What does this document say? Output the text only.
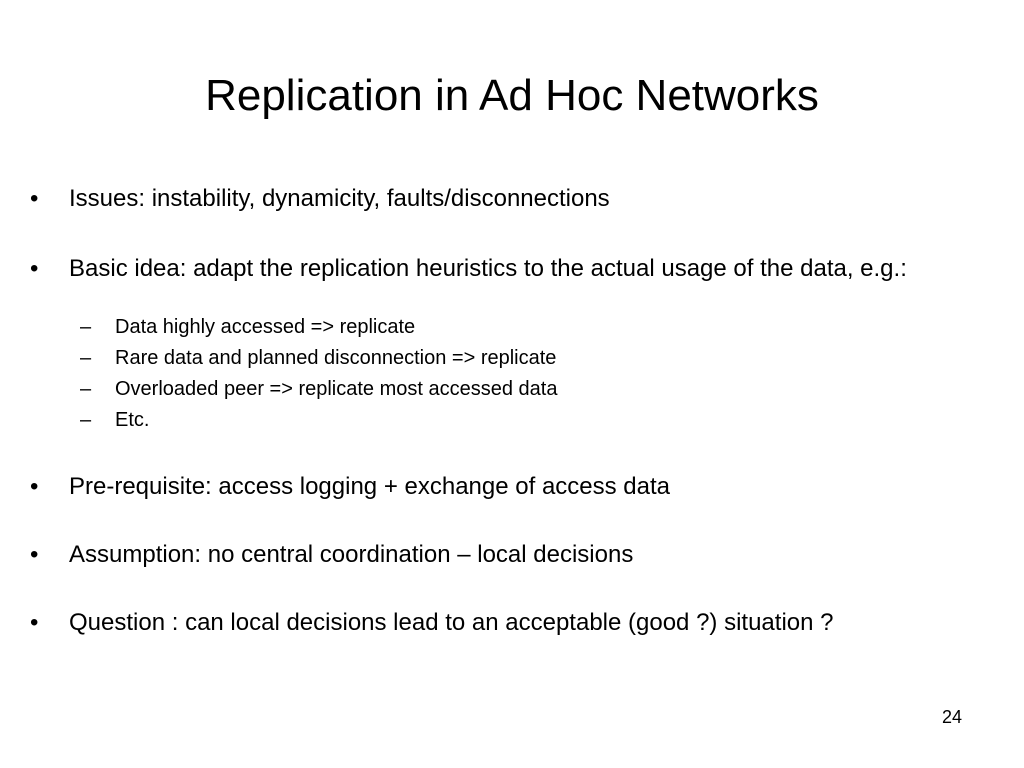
Replication in Ad Hoc Networks
• Issues: instability, dynamicity, faults/disconnections
• Basic idea: adapt the replication heuristics to the actual usage of the data, e.g.:
– Data highly accessed => replicate
– Rare data and planned disconnection => replicate
– Overloaded peer => replicate most accessed data
– Etc.
• Pre-requisite: access logging + exchange of access data
• Assumption: no central coordination – local decisions
• Question : can local decisions lead to an acceptable (good ?) situation ?
24
